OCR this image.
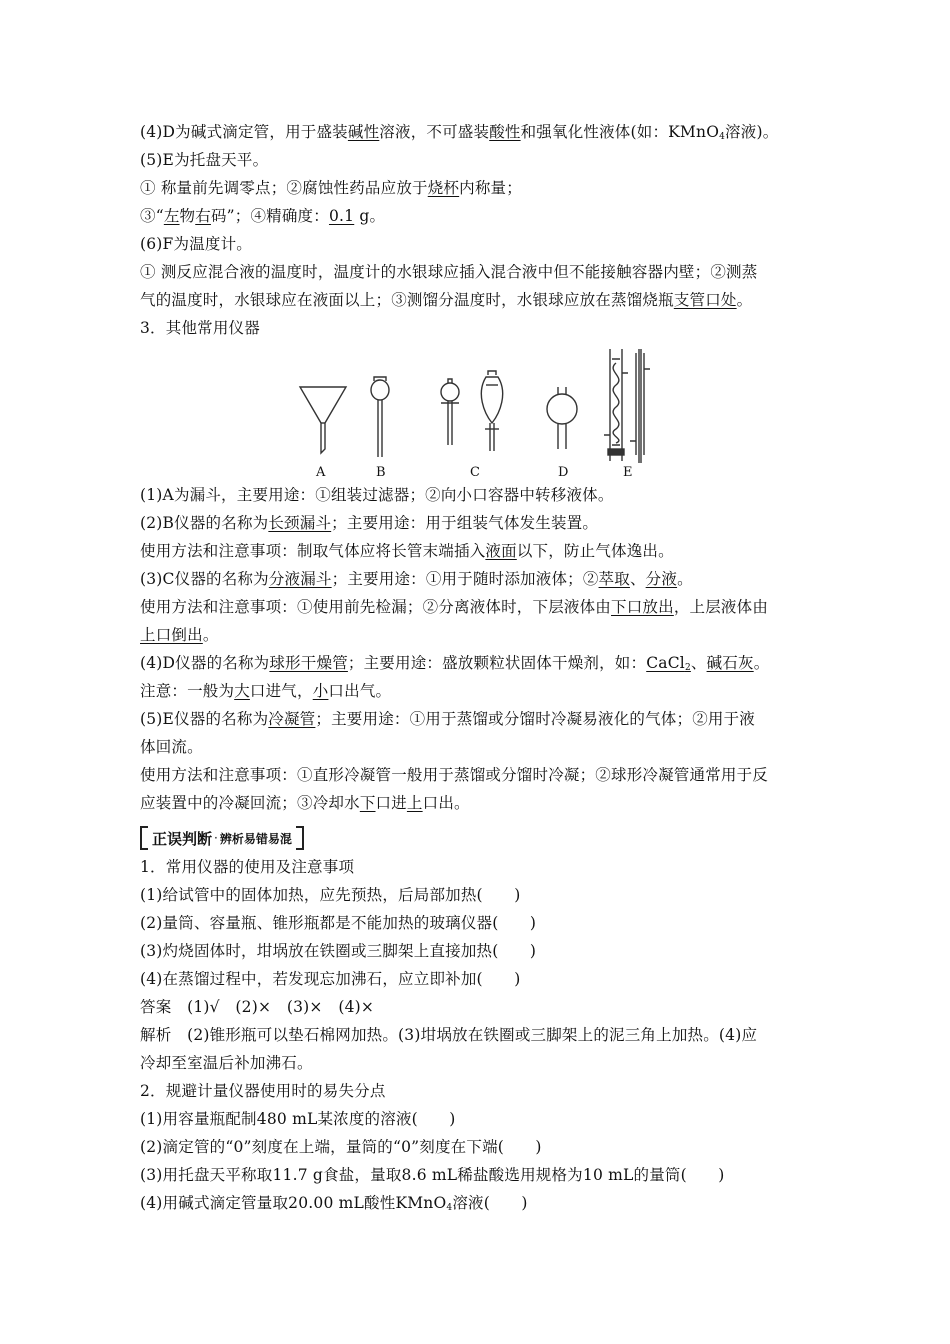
(4)D为碱式滴定管，用于盛装碱性溶液，不可盛装酸性和强氧化性液体(如：KMnO$_4$溶液)。
(5)E为托盘天平。
① 称量前先调零点；②腐蚀性药品应放于烧杯内称量；
③“左物右码”；④精确度：0.1 g。
(6)F为温度计。
① 测反应混合液的温度时，温度计的水银球应插入混合液中但不能接触容器内壁；②测蒸
气的温度时，水银球应在液面以上；③测馏分温度时，水银球应放在蒸馏烧瓶支管口处。
3．其他常用仪器
A	B	C	D	E
(1)A为漏斗，主要用途：①组装过滤器；②向小口容器中转移液体。
(2)B仪器的名称为长颈漏斗；主要用途：用于组装气体发生装置。
使用方法和注意事项：制取气体应将长管末端插入液面以下，防止气体逸出。
(3)C仪器的名称为分液漏斗；主要用途：①用于随时添加液体；②萃取、分液。
使用方法和注意事项：①使用前先检漏；②分离液体时，下层液体由下口放出，上层液体由
上口倒出。
(4)D仪器的名称为球形干燥管；主要用途：盛放颗粒状固体干燥剂，如：CaCl$_2$、碱石灰。
注意：一般为大口进气，小口出气。
(5)E仪器的名称为冷凝管；主要用途：①用于蒸馏或分馏时冷凝易液化的气体；②用于液
体回流。
使用方法和注意事项：①直形冷凝管一般用于蒸馏或分馏时冷凝；②球形冷凝管通常用于反
应装置中的冷凝回流；③冷却水下口进上口出。
正误判断 · 辨析易错易混
1．常用仪器的使用及注意事项
(1)给试管中的固体加热，应先预热，后局部加热(　　)
(2)量筒、容量瓶、锥形瓶都是不能加热的玻璃仪器(　　)
(3)灼烧固体时，坩埚放在铁圈或三脚架上直接加热(　　)
(4)在蒸馏过程中，若发现忘加沸石，应立即补加(　　)
答案　(1)√　(2)×　(3)×　(4)×
解析　(2)锥形瓶可以垫石棉网加热。(3)坩埚放在铁圈或三脚架上的泥三角上加热。(4)应
冷却至室温后补加沸石。
2．规避计量仪器使用时的易失分点
(1)用容量瓶配制480 mL某浓度的溶液(　　)
(2)滴定管的“0”刻度在上端，量筒的“0”刻度在下端(　　)
(3)用托盘天平称取11.7 g食盐，量取8.6 mL稀盐酸选用规格为10 mL的量筒(　　)
(4)用碱式滴定管量取20.00 mL酸性KMnO$_4$溶液(　　)
